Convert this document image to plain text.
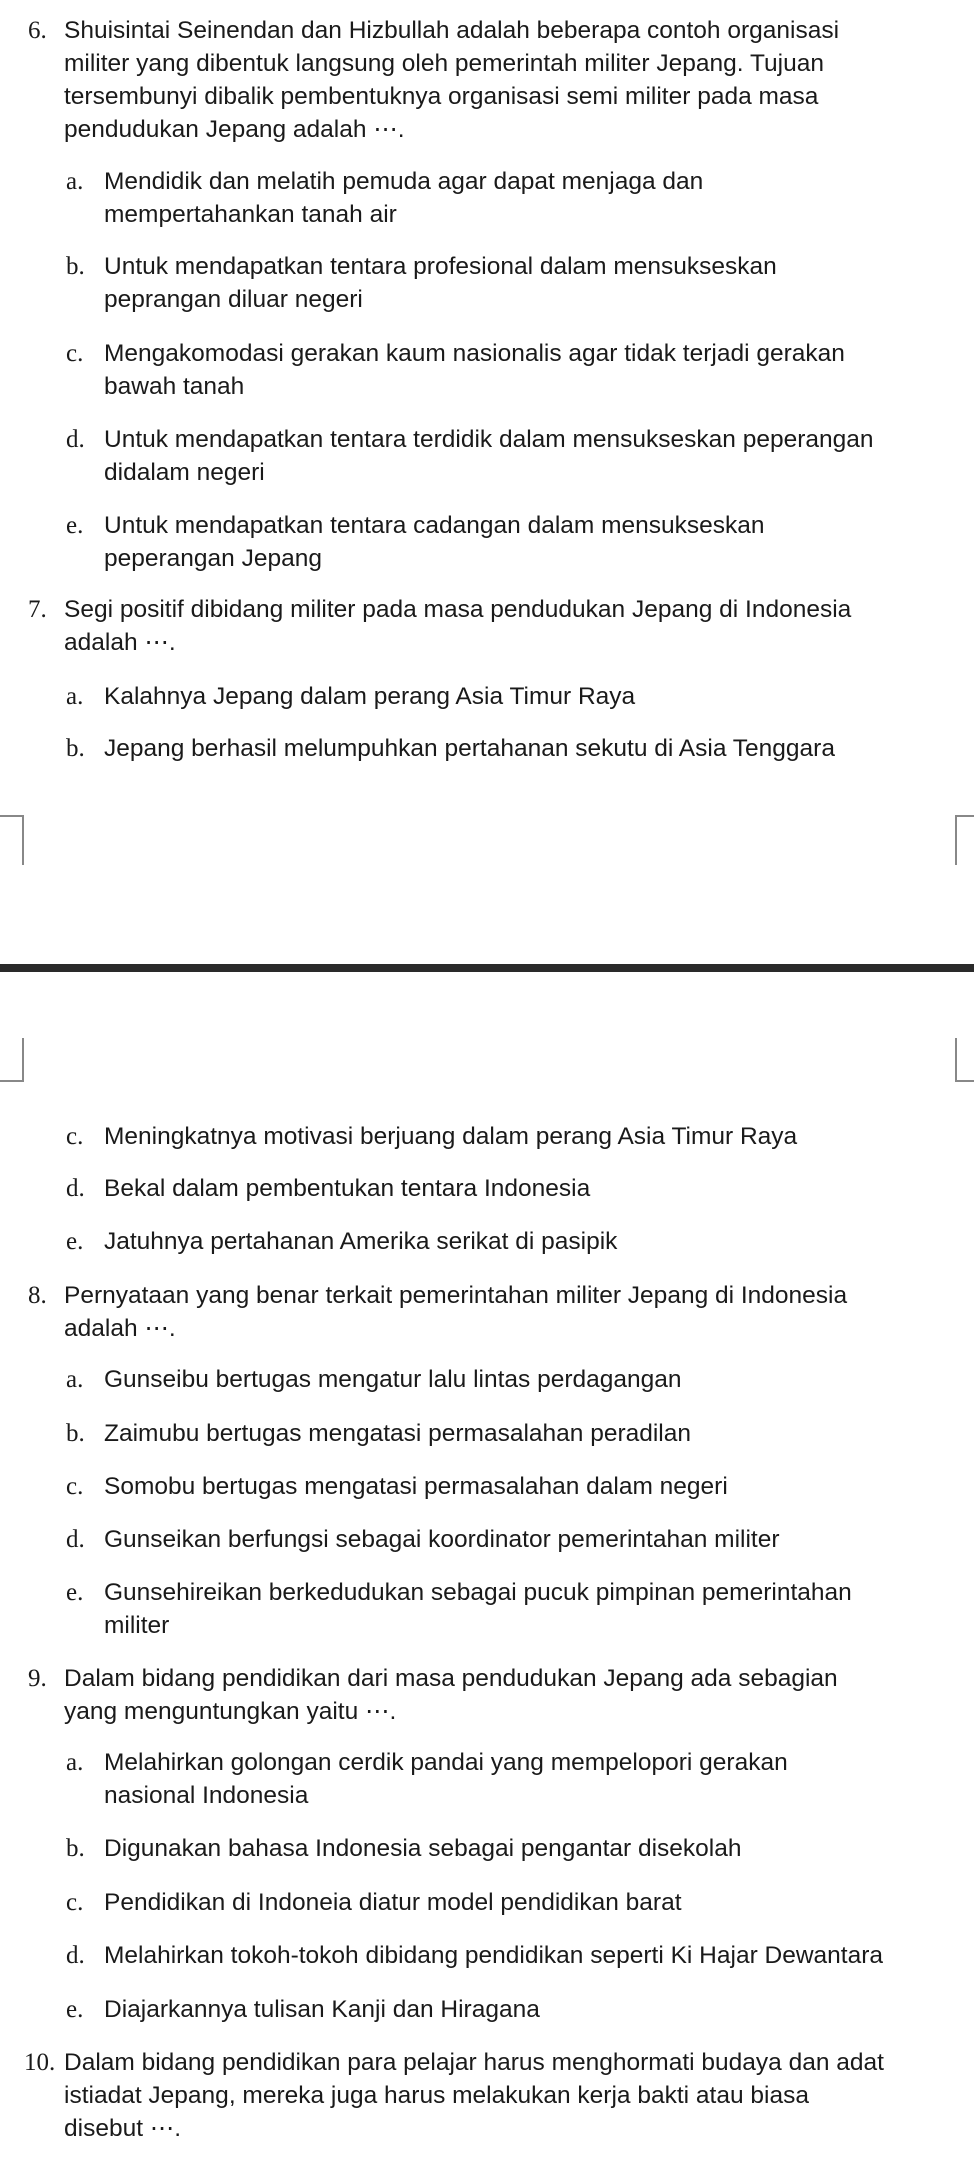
6. Shuisintai Seinendan dan Hizbullah adalah beberapa contoh organisasi
militer yang dibentuk langsung oleh pemerintah militer Jepang. Tujuan
tersembunyi dibalik pembentuknya organisasi semi militer pada masa
pendudukan Jepang adalah ⋯.
a. Mendidik dan melatih pemuda agar dapat menjaga dan
mempertahankan tanah air
b. Untuk mendapatkan tentara profesional dalam mensukseskan
peprangan diluar negeri
c. Mengakomodasi gerakan kaum nasionalis agar tidak terjadi gerakan
bawah tanah
d. Untuk mendapatkan tentara terdidik dalam mensukseskan peperangan
didalam negeri
e. Untuk mendapatkan tentara cadangan dalam mensukseskan
peperangan Jepang
7. Segi positif dibidang militer pada masa pendudukan Jepang di Indonesia
adalah ⋯.
a. Kalahnya Jepang dalam perang Asia Timur Raya
b. Jepang berhasil melumpuhkan pertahanan sekutu di Asia Tenggara
c. Meningkatnya motivasi berjuang dalam perang Asia Timur Raya
d. Bekal dalam pembentukan tentara Indonesia
e. Jatuhnya pertahanan Amerika serikat di pasipik
8. Pernyataan yang benar terkait pemerintahan militer Jepang di Indonesia
adalah ⋯.
a. Gunseibu bertugas mengatur lalu lintas perdagangan
b. Zaimubu bertugas mengatasi permasalahan peradilan
c. Somobu bertugas mengatasi permasalahan dalam negeri
d. Gunseikan berfungsi sebagai koordinator pemerintahan militer
e. Gunsehireikan berkedudukan sebagai pucuk pimpinan pemerintahan
militer
9. Dalam bidang pendidikan dari masa pendudukan Jepang ada sebagian
yang menguntungkan yaitu ⋯.
a. Melahirkan golongan cerdik pandai yang mempelopori gerakan
nasional Indonesia
b. Digunakan bahasa Indonesia sebagai pengantar disekolah
c. Pendidikan di Indoneia diatur model pendidikan barat
d. Melahirkan tokoh-tokoh dibidang pendidikan seperti Ki Hajar Dewantara
e. Diajarkannya tulisan Kanji dan Hiragana
10. Dalam bidang pendidikan para pelajar harus menghormati budaya dan adat
istiadat Jepang, mereka juga harus melakukan kerja bakti atau biasa
disebut ⋯.
